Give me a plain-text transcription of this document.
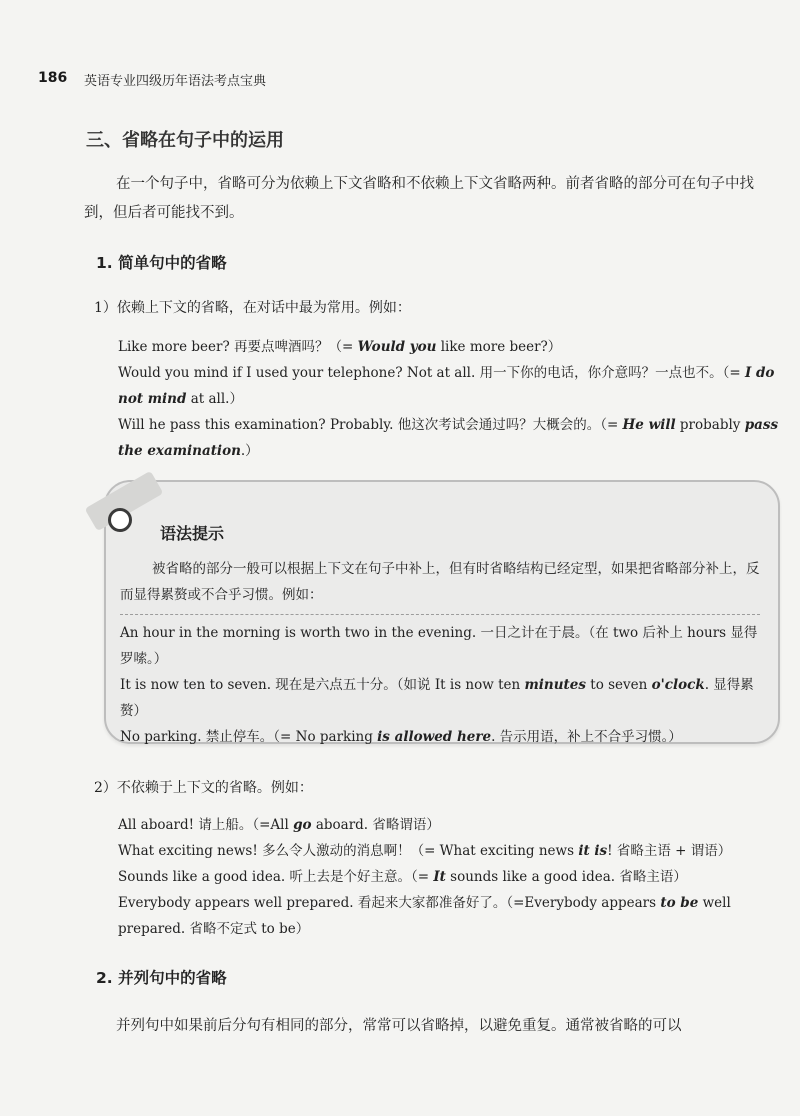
186 英语专业四级历年语法考点宝典
三、省略在句子中的运用

在一个句子中，省略可分为依赖上下文省略和不依赖上下文省略两种。前者省略的部分可在句子中找到，但后者可能找不到。

1. 简单句中的省略
1）依赖上下文的省略，在对话中最为常用。例如：
Like more beer? 再要点啤酒吗？（= Would you like more beer?）
Would you mind if I used your telephone? Not at all. 用一下你的电话，你介意吗？一点也不。（= I do not mind at all.）
Will he pass this examination? Probably. 他这次考试会通过吗？大概会的。（= He will probably pass the examination.）
语法提示

被省略的部分一般可以根据上下文在句子中补上，但有时省略结构已经定型，如果把省略部分补上，反而显得累赘或不合乎习惯。例如：

An hour in the morning is worth two in the evening. 一日之计在于晨。（在 two 后补上 hours 显得罗嗦。）
It is now ten to seven. 现在是六点五十分。（如说 It is now ten minutes to seven o'clock. 显得累赘）
No parking. 禁止停车。（= No parking is allowed here. 告示用语，补上不合乎习惯。）
2）不依赖于上下文的省略。例如：
All aboard! 请上船。（=All go aboard. 省略谓语）
What exciting news! 多么令人激动的消息啊！（= What exciting news it is! 省略主语 + 谓语）
Sounds like a good idea. 听上去是个好主意。（= It sounds like a good idea. 省略主语）
Everybody appears well prepared. 看起来大家都准备好了。（=Everybody appears to be well prepared. 省略不定式 to be）
2. 并列句中的省略

并列句中如果前后分句有相同的部分，常常可以省略掉，以避免重复。通常被省略的可以
